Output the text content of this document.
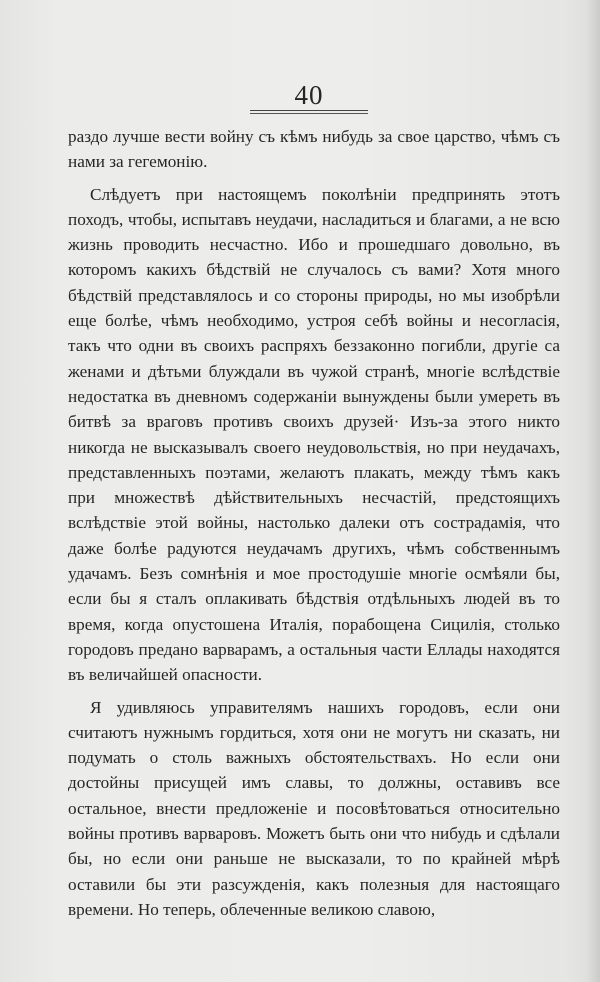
40

раздо лучше вести войну съ кѣмъ нибудь за свое царство, чѣмъ съ нами за гегемонію.

Слѣдуетъ при настоящемъ поколѣніи предпринять этотъ походъ, чтобы, испытавъ неудачи, насладиться и благами, а не всю жизнь проводить несчастно. Ибо и прошедшаго довольно, въ которомъ какихъ бѣдствій не случалось съ вами? Хотя много бѣдствій представлялось и со стороны природы, но мы изобрѣли еще болѣе, чѣмъ необходимо, устроя себѣ войны и несогласія, такъ что одни въ своихъ распряхъ беззаконно погибли, другіе са женами и дѣтьми блуждали въ чужой странѣ, многіе вслѣдствіе недостатка въ дневномъ содержаніи вынуждены были умереть въ битвѣ за враговъ противъ своихъ друзей· Изъ-за этого никто никогда не высказывалъ своего неудовольствія, но при неудачахъ, представленныхъ поэтами, желаютъ плакать, между тѣмъ какъ при множествѣ дѣйствительныхъ несчастій, предстоящихъ вслѣдствіе этой войны, настолько далеки отъ сострадамія, что даже болѣе радуются неудачамъ другихъ, чѣмъ собственнымъ удачамъ. Безъ сомнѣнія и мое простодушіе многіе осмѣяли бы, если бы я сталъ оплакивать бѣдствія отдѣльныхъ людей въ то время, когда опустошена Италія, порабощена Сицилія, столько городовъ предано варварамъ, а остальныя части Еллады находятся въ величайшей опасности.

Я удивляюсь управителямъ нашихъ городовъ, если они считаютъ нужнымъ гордиться, хотя они не могутъ ни сказать, ни подумать о столь важныхъ обстоятельствахъ. Но если они достойны присущей имъ славы, то должны, оставивъ все остальное, внести предложеніе и посовѣтоваться относительно войны противъ варваровъ. Можетъ быть они что нибудь и сдѣлали бы, но если они раньше не высказали, то по крайней мѣрѣ оставили бы эти разсужденія, какъ полезныя для настоящаго времени. Но теперь, облеченные великою славою,
